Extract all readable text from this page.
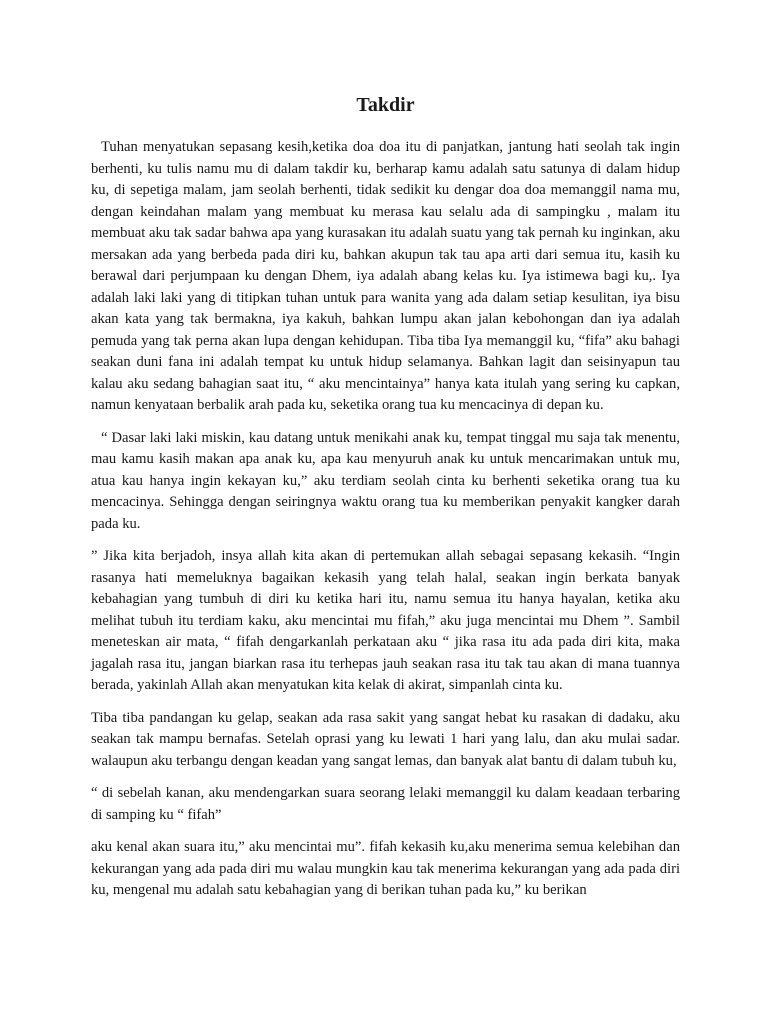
Takdir

Tuhan menyatukan sepasang kesih,ketika doa doa itu di panjatkan, jantung hati seolah tak ingin berhenti, ku tulis namu mu di dalam takdir ku, berharap kamu adalah satu satunya di dalam hidup ku, di sepetiga malam, jam seolah berhenti, tidak sedikit ku dengar doa doa memanggil nama mu, dengan keindahan malam yang membuat ku merasa kau selalu ada di sampingku , malam itu membuat aku tak sadar bahwa apa yang kurasakan itu adalah suatu yang tak pernah ku inginkan, aku mersakan ada yang berbeda pada diri ku, bahkan akupun tak tau apa arti dari semua itu, kasih ku berawal dari perjumpaan ku dengan Dhem, iya adalah abang kelas ku. Iya istimewa bagi ku,. Iya adalah laki laki yang di titipkan tuhan untuk para wanita yang ada dalam setiap kesulitan, iya bisu akan kata yang tak bermakna, iya kakuh, bahkan lumpu akan jalan kebohongan dan iya adalah pemuda yang tak perna akan lupa dengan kehidupan. Tiba tiba Iya memanggil ku, “fifa” aku bahagi seakan duni fana ini adalah tempat ku untuk hidup selamanya. Bahkan lagit dan seisinyapun tau kalau aku sedang bahagian saat itu, “ aku mencintainya” hanya kata itulah yang sering ku capkan, namun kenyataan berbalik arah pada ku, seketika orang tua ku mencacinya di depan ku.

“ Dasar laki laki miskin, kau datang untuk menikahi anak ku, tempat tinggal mu saja tak menentu, mau kamu kasih makan apa anak ku, apa kau menyuruh anak ku untuk mencarimakan untuk mu, atua kau hanya ingin kekayan ku,” aku terdiam seolah cinta ku berhenti seketika orang tua ku mencacinya. Sehingga dengan seiringnya waktu orang tua ku memberikan penyakit kangker darah pada ku.

” Jika kita berjadoh, insya allah kita akan di pertemukan allah sebagai sepasang kekasih. “Ingin rasanya hati memeluknya bagaikan kekasih yang telah halal, seakan ingin berkata banyak kebahagian yang tumbuh di diri ku ketika hari itu, namu semua itu hanya hayalan, ketika aku melihat tubuh itu terdiam kaku, aku mencintai mu fifah,” aku juga mencintai mu Dhem ”. Sambil meneteskan air mata, “ fifah dengarkanlah perkataan aku “ jika rasa itu ada pada diri kita, maka jagalah rasa itu, jangan biarkan rasa itu terhepas jauh seakan rasa itu tak tau akan di mana tuannya berada, yakinlah Allah akan menyatukan kita kelak di akirat, simpanlah cinta ku.

Tiba tiba pandangan ku gelap, seakan ada rasa sakit yang sangat hebat ku rasakan di dadaku, aku seakan tak mampu bernafas. Setelah oprasi yang ku lewati 1 hari yang lalu, dan aku mulai sadar. walaupun aku terbangu dengan keadan yang sangat lemas, dan banyak alat bantu di dalam tubuh ku,

“ di sebelah kanan, aku mendengarkan suara seorang lelaki memanggil ku dalam keadaan terbaring di samping ku “ fifah”

aku kenal akan suara itu,” aku mencintai mu”. fifah kekasih ku,aku menerima semua kelebihan dan kekurangan yang ada pada diri mu walau mungkin kau tak menerima kekurangan yang ada pada diri ku, mengenal mu adalah satu kebahagian yang di berikan tuhan pada ku,” ku berikan
